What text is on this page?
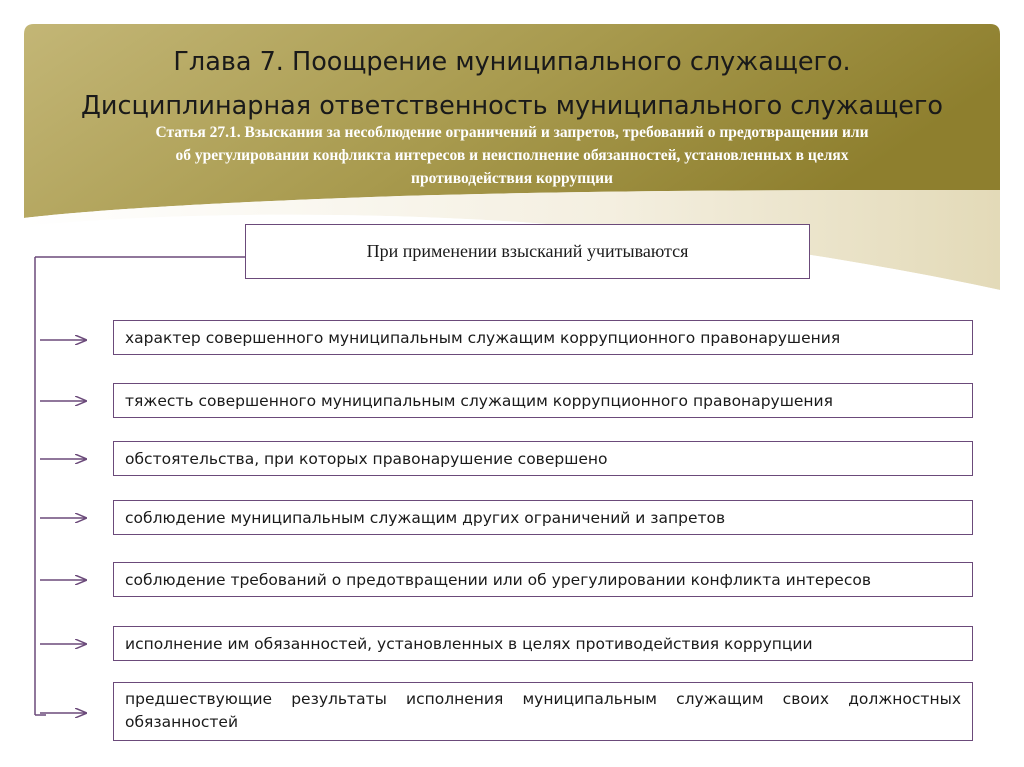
Глава 7. Поощрение муниципального служащего.
Дисциплинарная ответственность муниципального служащего

Статья 27.1. Взыскания за несоблюдение ограничений и запретов, требований о предотвращении или
об урегулировании конфликта интересов и неисполнение обязанностей, установленных в целях
противодействия коррупции

При применении взысканий учитываются
характер совершенного муниципальным служащим коррупционного правонарушения
тяжесть совершенного муниципальным служащим коррупционного правонарушения
обстоятельства, при которых правонарушение совершено
соблюдение муниципальным служащим других ограничений и запретов
соблюдение требований о предотвращении или об урегулировании конфликта интересов
исполнение им обязанностей, установленных в целях противодействия коррупции
предшествующие результаты исполнения муниципальным служащим своих должностных обязанностей
